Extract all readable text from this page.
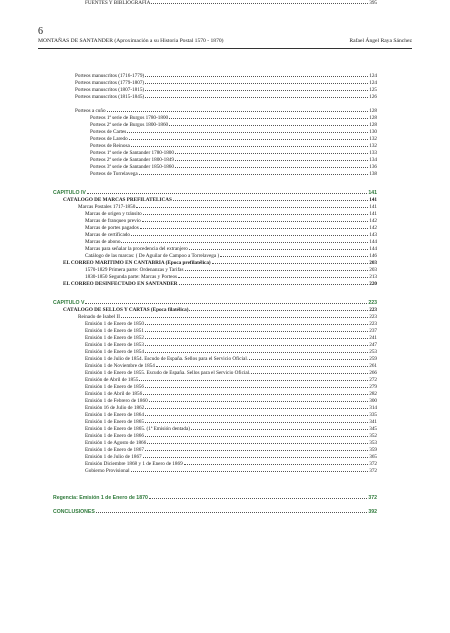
6
MONTAÑAS DE SANTANDER (Aproximación a su Historia Postal 1570 - 1870)	Rafael Ángel Raya Sánchez
Porteos manuscritos (1716-1779)	124
Porteos manuscritos (1779-1807)	124
Porteos manuscritos (1807-1815)	125
Porteos manuscritos (1815-1845)	126
Porteos a cuño	128
Porteos 1ª serie de Burgos 1780-1800	128
Porteos 2ª serie de Burgos 1800-1860	128
Porteos de Cartes	130
Porteos de Laredo	132
Porteos de Reinosa	132
Porteos 1ª serie de Santander 1780-1800	133
Porteos 2ª serie de Santander 1800-1849	134
Porteos 3ª serie de Santander 1850-1860	136
Porteos de Torrelavega	138
CAPÍTULO IV	141
CATÁLOGO DE MARCAS PREFILATÉLICAS	141
Marcas Postales 1717-1850	141
Marcas de origen y tránsito	141
Marcas de franqueo previo	142
Marcas de portes pagados	142
Marcas de certificado	143
Marcas de abono	144
Marcas para señalar la procedencia del extranjero	144
Catálogo de las marcas: ( De Aguilar de Campoo a Torrelavega )	146
EL CORREO MARÍTIMO EN CANTABRIA (Época prefilatélica)	203
1570-1829 Primera parte: Ordenanzas y Tarifas	203
1830-1850 Segunda parte: Marcas y Porteos	213
EL CORREO DESINFECTADO EN SANTANDER	220
CAPÍTULO V	223
CATÁLOGO DE SELLOS Y CARTAS (Época filatélica)	223
Reinado de Isabel II	223
Emisión 1 de Enero de 1850	223
Emisión 1 de Enero de 1851	237
Emisión 1 de Enero de 1852	241
Emisión 1 de Enero de 1853	247
Emisión 1 de Enero de 1854	253
Emisión 1 de Julio de 1854. Escudo de España. Sellos para el Servicio Oficial.	259
Emisión 1 de Noviembre de 1854	261
Emisión 1 de Enero de 1855. Escudo de España. Sellos para el Servicio Oficial.	266
Emisión de Abril de 1855	272
Emisión 1 de Enero de 1856	279
Emisión 1 de Abril de 1856	282
Emisión 1 de Febrero de 1860	300
Emisión 16 de Julio de 1862	314
Emisión 1 de Enero de 1864	335
Emisión 1 de Enero de 1865	341
Emisión 1 de Enero de 1865. (1ª Emisión dentada)	345
Emisión 1 de Enero de 1866	352
Emisión 1 de Agosto de 1866	353
Emisión 1 de Enero de 1867	359
Emisión 1 de Julio de 1867	365
Emisión Diciembre 1868 y 1 de Enero de 1869	372
Gobierno Provisional	372
Regencia: Emisión 1 de Enero de 1870	372
CONCLUSIONES	392
FUENTES Y BIBLIOGRAFÍA	395
